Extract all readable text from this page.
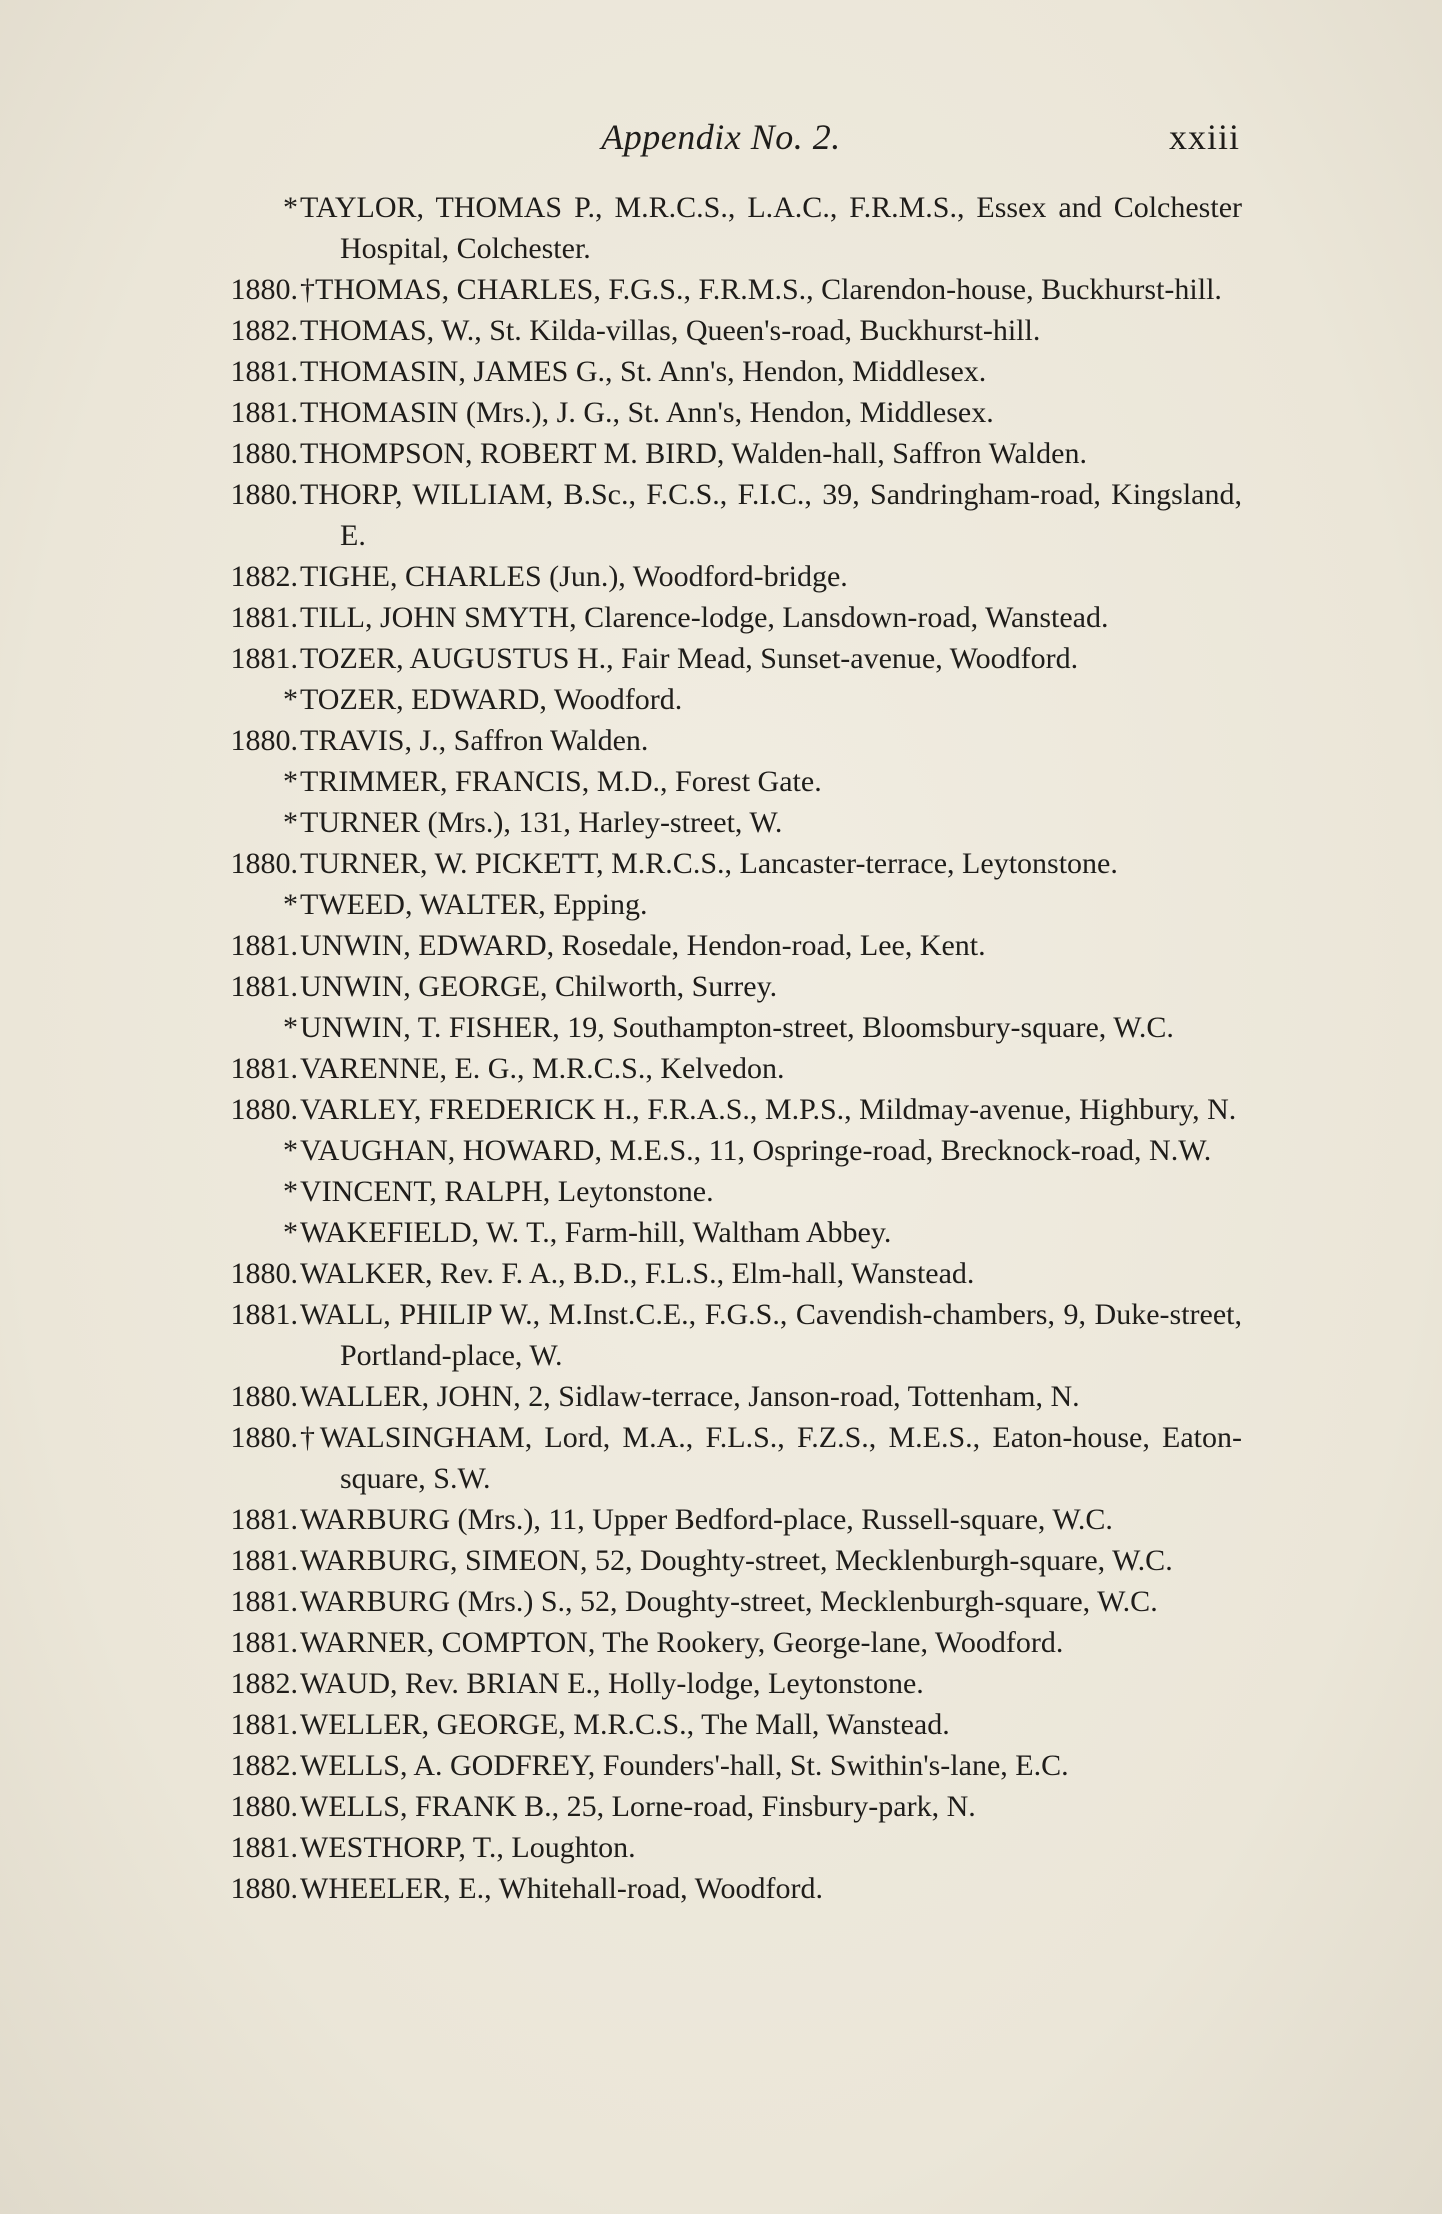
Appendix No. 2.	xxiii
* TAYLOR, THOMAS P., M.R.C.S., L.A.C., F.R.M.S., Essex and Colchester Hospital, Colchester.
1880. †THOMAS, CHARLES, F.G.S., F.R.M.S., Clarendon-house, Buckhurst-hill.
1882. THOMAS, W., St. Kilda-villas, Queen's-road, Buckhurst-hill.
1881. THOMASIN, JAMES G., St. Ann's, Hendon, Middlesex.
1881. THOMASIN (Mrs.), J. G., St. Ann's, Hendon, Middlesex.
1880. THOMPSON, ROBERT M. BIRD, Walden-hall, Saffron Walden.
1880. THORP, WILLIAM, B.Sc., F.C.S., F.I.C., 39, Sandringham-road, Kingsland, E.
1882. TIGHE, CHARLES (Jun.), Woodford-bridge.
1881. TILL, JOHN SMYTH, Clarence-lodge, Lansdown-road, Wanstead.
1881. TOZER, AUGUSTUS H., Fair Mead, Sunset-avenue, Woodford.
* TOZER, EDWARD, Woodford.
1880. TRAVIS, J., Saffron Walden.
* TRIMMER, FRANCIS, M.D., Forest Gate.
* TURNER (Mrs.), 131, Harley-street, W.
1880. TURNER, W. PICKETT, M.R.C.S., Lancaster-terrace, Leytonstone.
* TWEED, WALTER, Epping.
1881. UNWIN, EDWARD, Rosedale, Hendon-road, Lee, Kent.
1881. UNWIN, GEORGE, Chilworth, Surrey.
* UNWIN, T. FISHER, 19, Southampton-street, Bloomsbury-square, W.C.
1881. VARENNE, E. G., M.R.C.S., Kelvedon.
1880. VARLEY, FREDERICK H., F.R.A.S., M.P.S., Mildmay-avenue, Highbury, N.
* VAUGHAN, HOWARD, M.E.S., 11, Ospringe-road, Brecknock-road, N.W.
* VINCENT, RALPH, Leytonstone.
* WAKEFIELD, W. T., Farm-hill, Waltham Abbey.
1880. WALKER, Rev. F. A., B.D., F.L.S., Elm-hall, Wanstead.
1881. WALL, PHILIP W., M.Inst.C.E., F.G.S., Cavendish-chambers, 9, Duke-street, Portland-place, W.
1880. WALLER, JOHN, 2, Sidlaw-terrace, Janson-road, Tottenham, N.
1880. †WALSINGHAM, Lord, M.A., F.L.S., F.Z.S., M.E.S., Eaton-house, Eaton-square, S.W.
1881. WARBURG (Mrs.), 11, Upper Bedford-place, Russell-square, W.C.
1881. WARBURG, SIMEON, 52, Doughty-street, Mecklenburgh-square, W.C.
1881. WARBURG (Mrs.) S., 52, Doughty-street, Mecklenburgh-square, W.C.
1881. WARNER, COMPTON, The Rookery, George-lane, Woodford.
1882. WAUD, Rev. BRIAN E., Holly-lodge, Leytonstone.
1881. WELLER, GEORGE, M.R.C.S., The Mall, Wanstead.
1882. WELLS, A. GODFREY, Founders'-hall, St. Swithin's-lane, E.C.
1880. WELLS, FRANK B., 25, Lorne-road, Finsbury-park, N.
1881. WESTHORP, T., Loughton.
1880. WHEELER, E., Whitehall-road, Woodford.
